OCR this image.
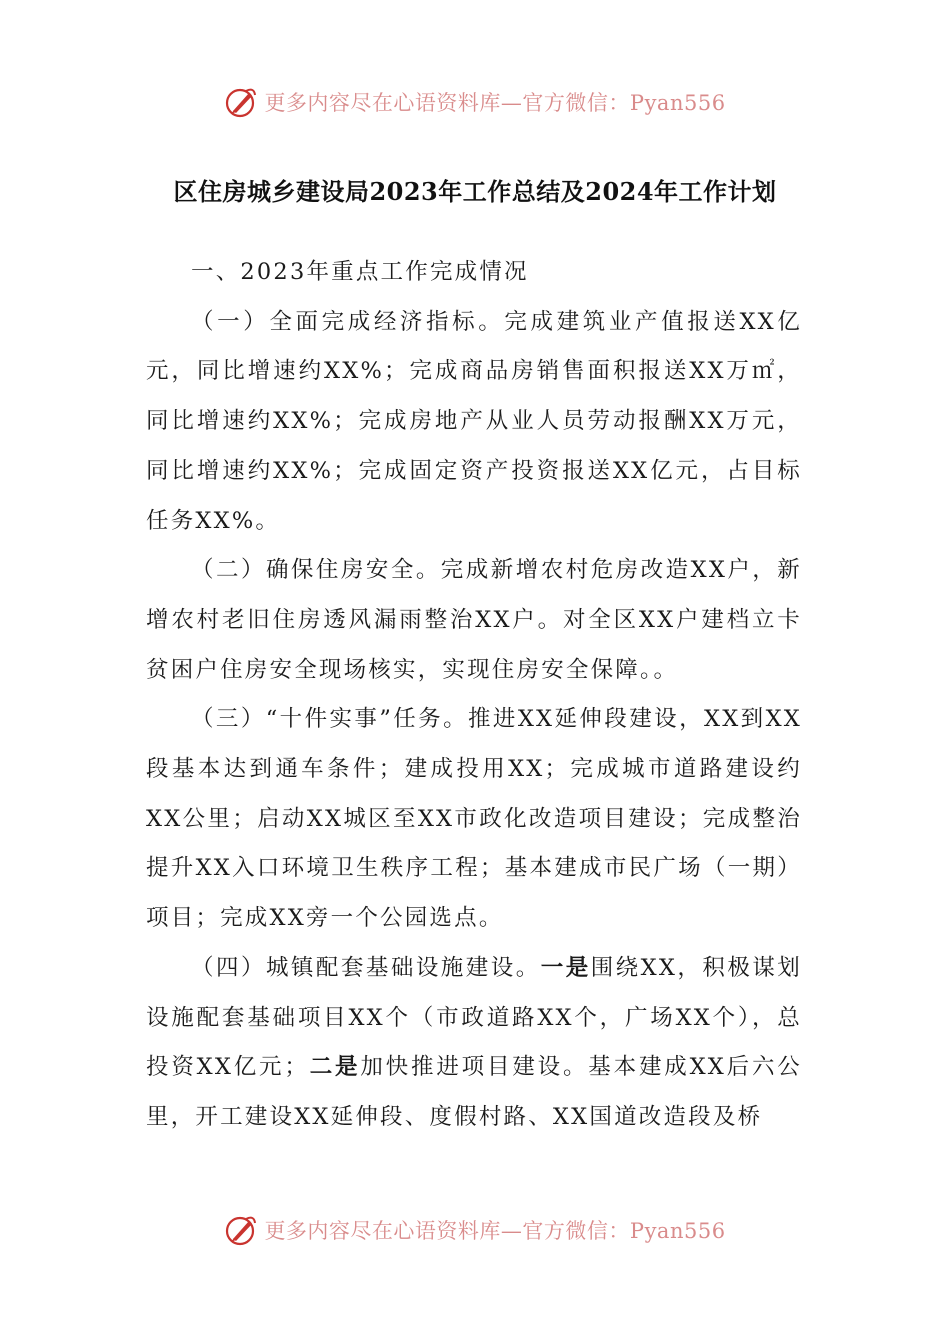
更多内容尽在心语资料库—官方微信：Pyan556
区住房城乡建设局2023年工作总结及2024年工作计划

一、2023年重点工作完成情况

（一）全面完成经济指标。完成建筑业产值报送XX亿元，同比增速约XX%；完成商品房销售面积报送XX万㎡，同比增速约XX%；完成房地产从业人员劳动报酬XX万元，同比增速约XX%；完成固定资产投资报送XX亿元，占目标任务XX%。

（二）确保住房安全。完成新增农村危房改造XX户，新增农村老旧住房透风漏雨整治XX户。对全区XX户建档立卡贫困户住房安全现场核实，实现住房安全保障。。

（三）“十件实事”任务。推进XX延伸段建设，XX到XX段基本达到通车条件；建成投用XX；完成城市道路建设约XX公里；启动XX城区至XX市政化改造项目建设；完成整治提升XX入口环境卫生秩序工程；基本建成市民广场（一期）项目；完成XX旁一个公园选点。

（四）城镇配套基础设施建设。一是围绕XX，积极谋划设施配套基础项目XX个（市政道路XX个，广场XX个），总投资XX亿元；二是加快推进项目建设。基本建成XX后六公里，开工建设XX延伸段、度假村路、XX国道改造段及桥

更多内容尽在心语资料库—官方微信：Pyan556
